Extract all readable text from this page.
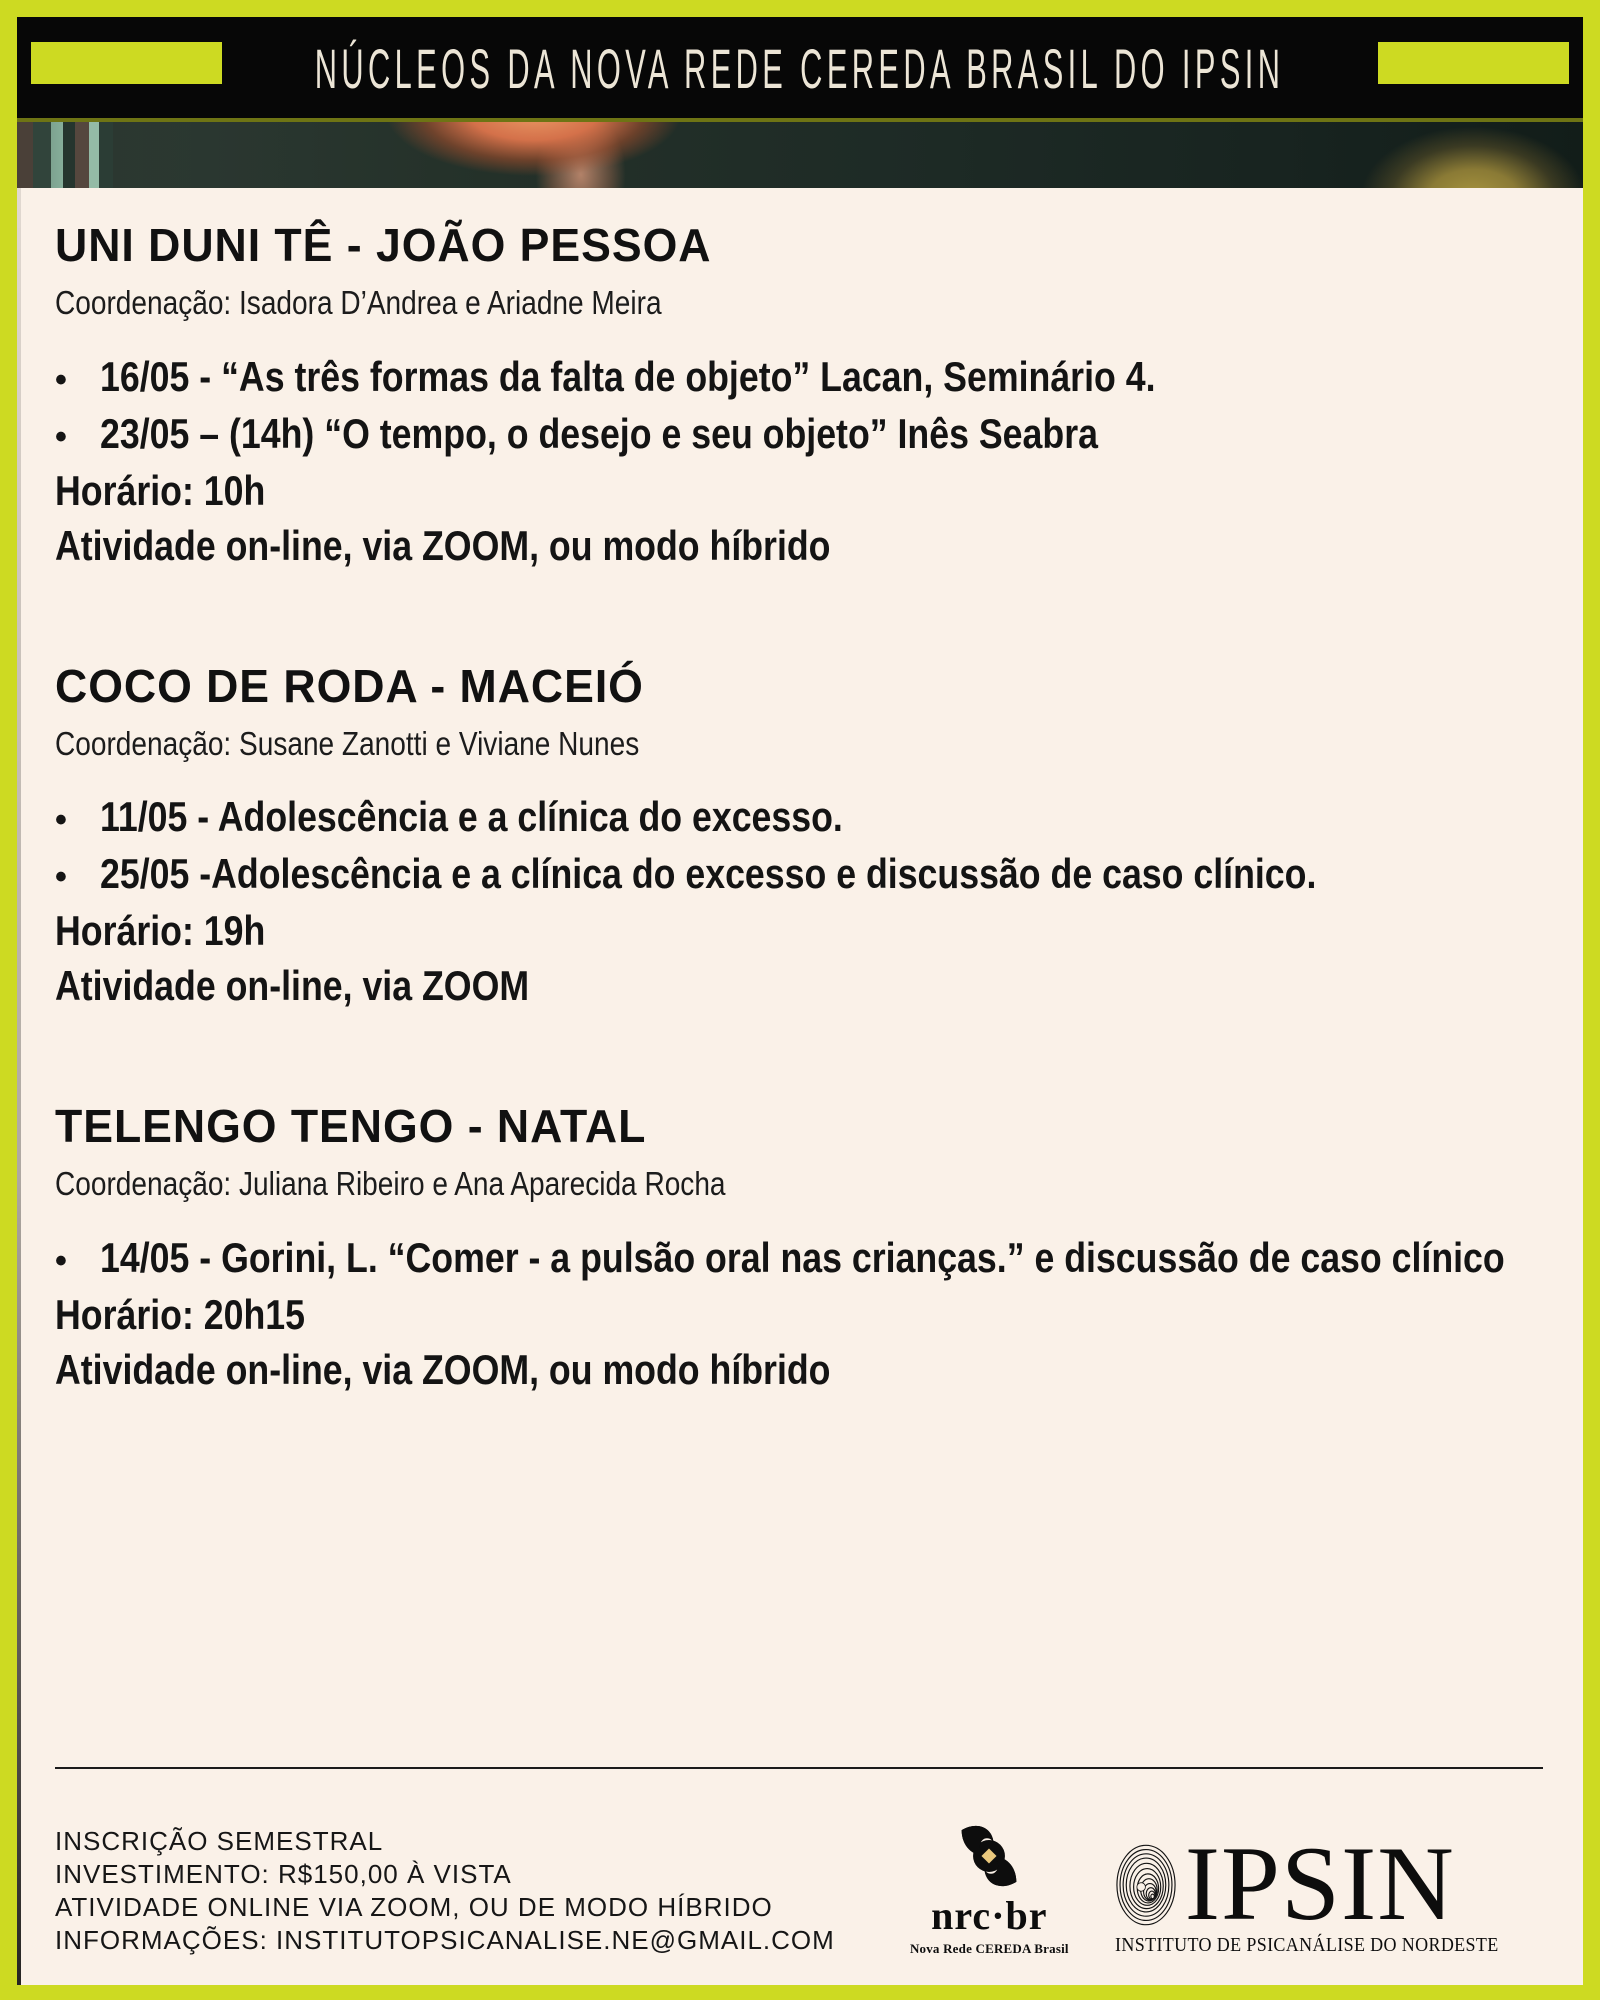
NÚCLEOS DA NOVA REDE CEREDA BRASIL DO IPSIN
UNI DUNI TÊ - JOÃO PESSOA
Coordenação: Isadora D’Andrea e Ariadne Meira
• 16/05 - “As três formas da falta de objeto” Lacan, Seminário 4.
• 23/05 – (14h) “O tempo, o desejo e seu objeto” Inês Seabra
Horário: 10h
Atividade on-line, via ZOOM, ou modo híbrido
COCO DE RODA - MACEIÓ
Coordenação: Susane Zanotti e Viviane Nunes
• 11/05 - Adolescência e a clínica do excesso.
• 25/05 -Adolescência e a clínica do excesso e discussão de caso clínico.
Horário: 19h
Atividade on-line, via ZOOM
TELENGO TENGO - NATAL
Coordenação: Juliana Ribeiro e Ana Aparecida Rocha
• 14/05 - Gorini, L. “Comer - a pulsão oral nas crianças.” e discussão de caso clínico
Horário: 20h15
Atividade on-line, via ZOOM, ou modo híbrido
INSCRIÇÃO SEMESTRAL
INVESTIMENTO: R$150,00 À VISTA
ATIVIDADE ONLINE VIA ZOOM, OU DE MODO HÍBRIDO
INFORMAÇÕES: INSTITUTOPSICANALISE.NE@GMAIL.COM
nrc·br
Nova Rede CEREDA Brasil
IPSIN
INSTITUTO DE PSICANÁLISE DO NORDESTE
